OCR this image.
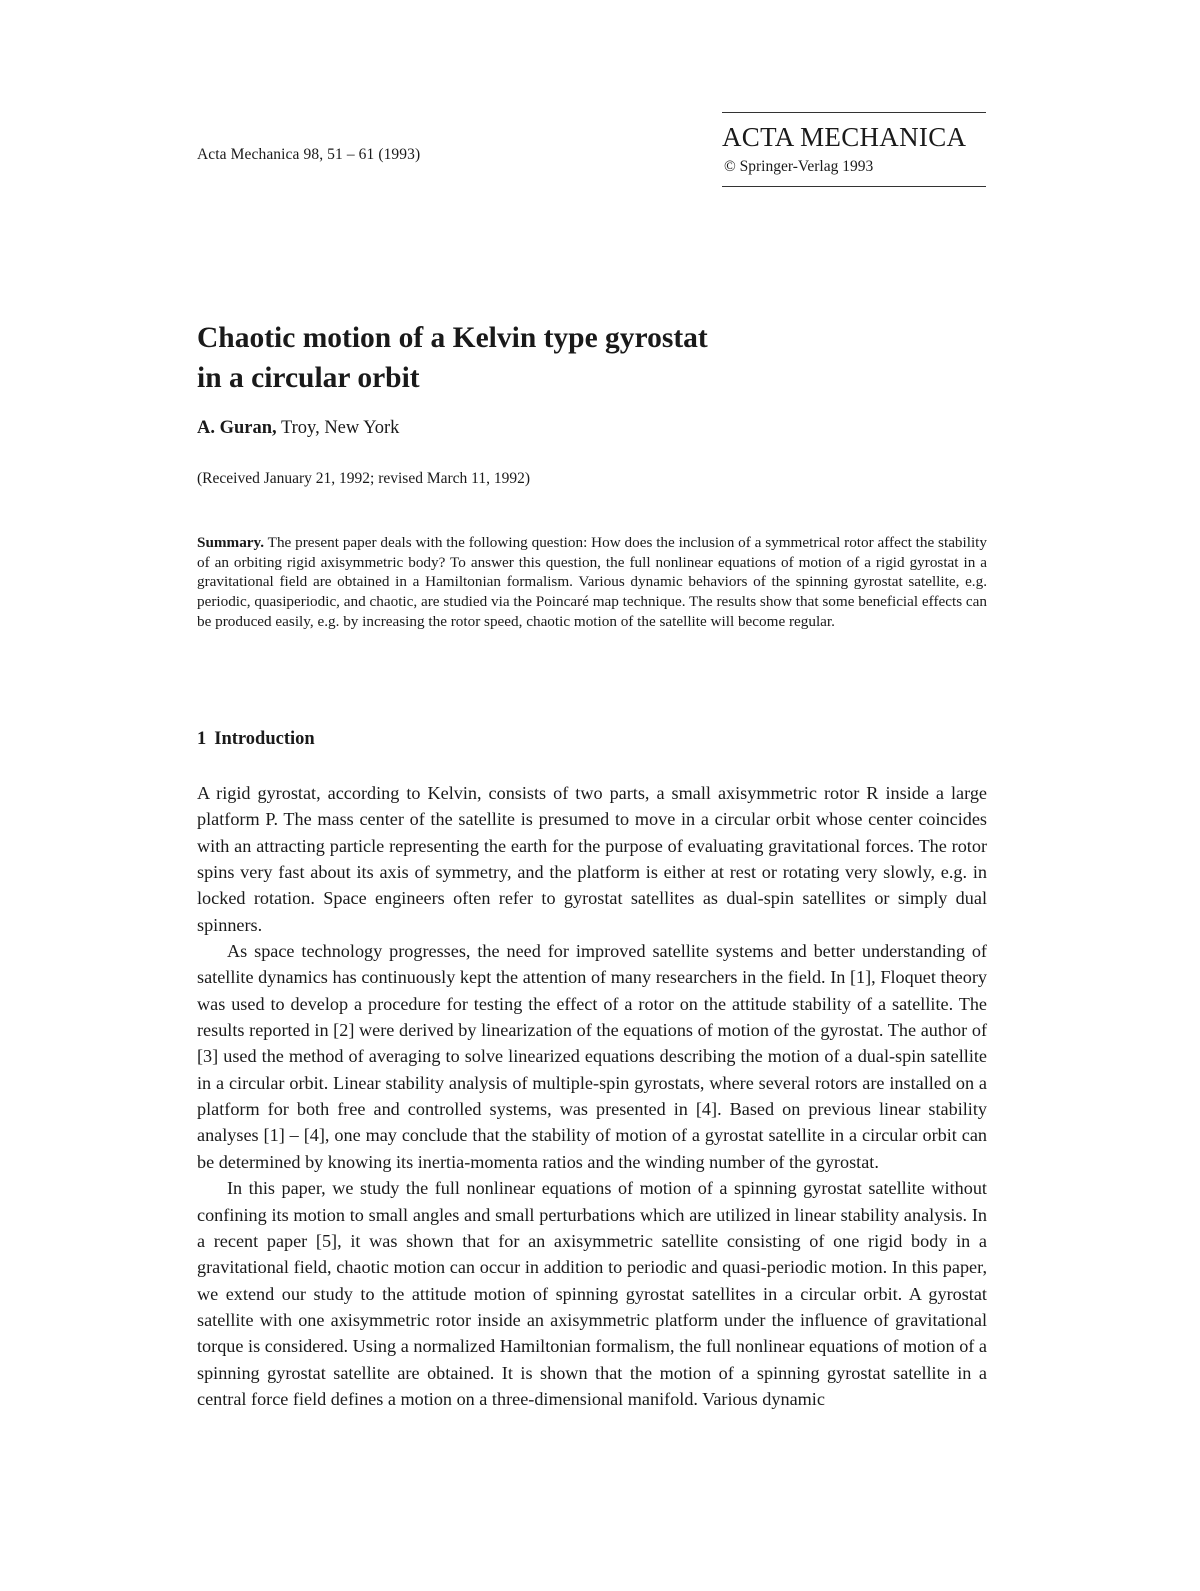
Acta Mechanica 98, 51 – 61 (1993)
ACTA MECHANICA
© Springer-Verlag 1993
Chaotic motion of a Kelvin type gyrostat
in a circular orbit
A. Guran, Troy, New York
(Received January 21, 1992; revised March 11, 1992)

Summary. The present paper deals with the following question: How does the inclusion of a symmetrical rotor affect the stability of an orbiting rigid axisymmetric body? To answer this question, the full nonlinear equations of motion of a rigid gyrostat in a gravitational field are obtained in a Hamiltonian formalism. Various dynamic behaviors of the spinning gyrostat satellite, e.g. periodic, quasiperiodic, and chaotic, are studied via the Poincaré map technique. The results show that some beneficial effects can be produced easily, e.g. by increasing the rotor speed, chaotic motion of the satellite will become regular.

1 Introduction

A rigid gyrostat, according to Kelvin, consists of two parts, a small axisymmetric rotor R inside a large platform P. The mass center of the satellite is presumed to move in a circular orbit whose center coincides with an attracting particle representing the earth for the purpose of evaluating gravitational forces. The rotor spins very fast about its axis of symmetry, and the platform is either at rest or rotating very slowly, e.g. in locked rotation. Space engineers often refer to gyrostat satellites as dual-spin satellites or simply dual spinners.

As space technology progresses, the need for improved satellite systems and better understanding of satellite dynamics has continuously kept the attention of many researchers in the field. In [1], Floquet theory was used to develop a procedure for testing the effect of a rotor on the attitude stability of a satellite. The results reported in [2] were derived by linearization of the equations of motion of the gyrostat. The author of [3] used the method of averaging to solve linearized equations describing the motion of a dual-spin satellite in a circular orbit. Linear stability analysis of multiple-spin gyrostats, where several rotors are installed on a platform for both free and controlled systems, was presented in [4]. Based on previous linear stability analyses [1] – [4], one may conclude that the stability of motion of a gyrostat satellite in a circular orbit can be determined by knowing its inertia-momenta ratios and the winding number of the gyrostat.

In this paper, we study the full nonlinear equations of motion of a spinning gyrostat satellite without confining its motion to small angles and small perturbations which are utilized in linear stability analysis. In a recent paper [5], it was shown that for an axisymmetric satellite consisting of one rigid body in a gravitational field, chaotic motion can occur in addition to periodic and quasi-periodic motion. In this paper, we extend our study to the attitude motion of spinning gyrostat satellites in a circular orbit. A gyrostat satellite with one axisymmetric rotor inside an axisymmetric platform under the influence of gravitational torque is considered. Using a normalized Hamiltonian formalism, the full nonlinear equations of motion of a spinning gyrostat satellite are obtained. It is shown that the motion of a spinning gyrostat satellite in a central force field defines a motion on a three-dimensional manifold. Various dynamic
